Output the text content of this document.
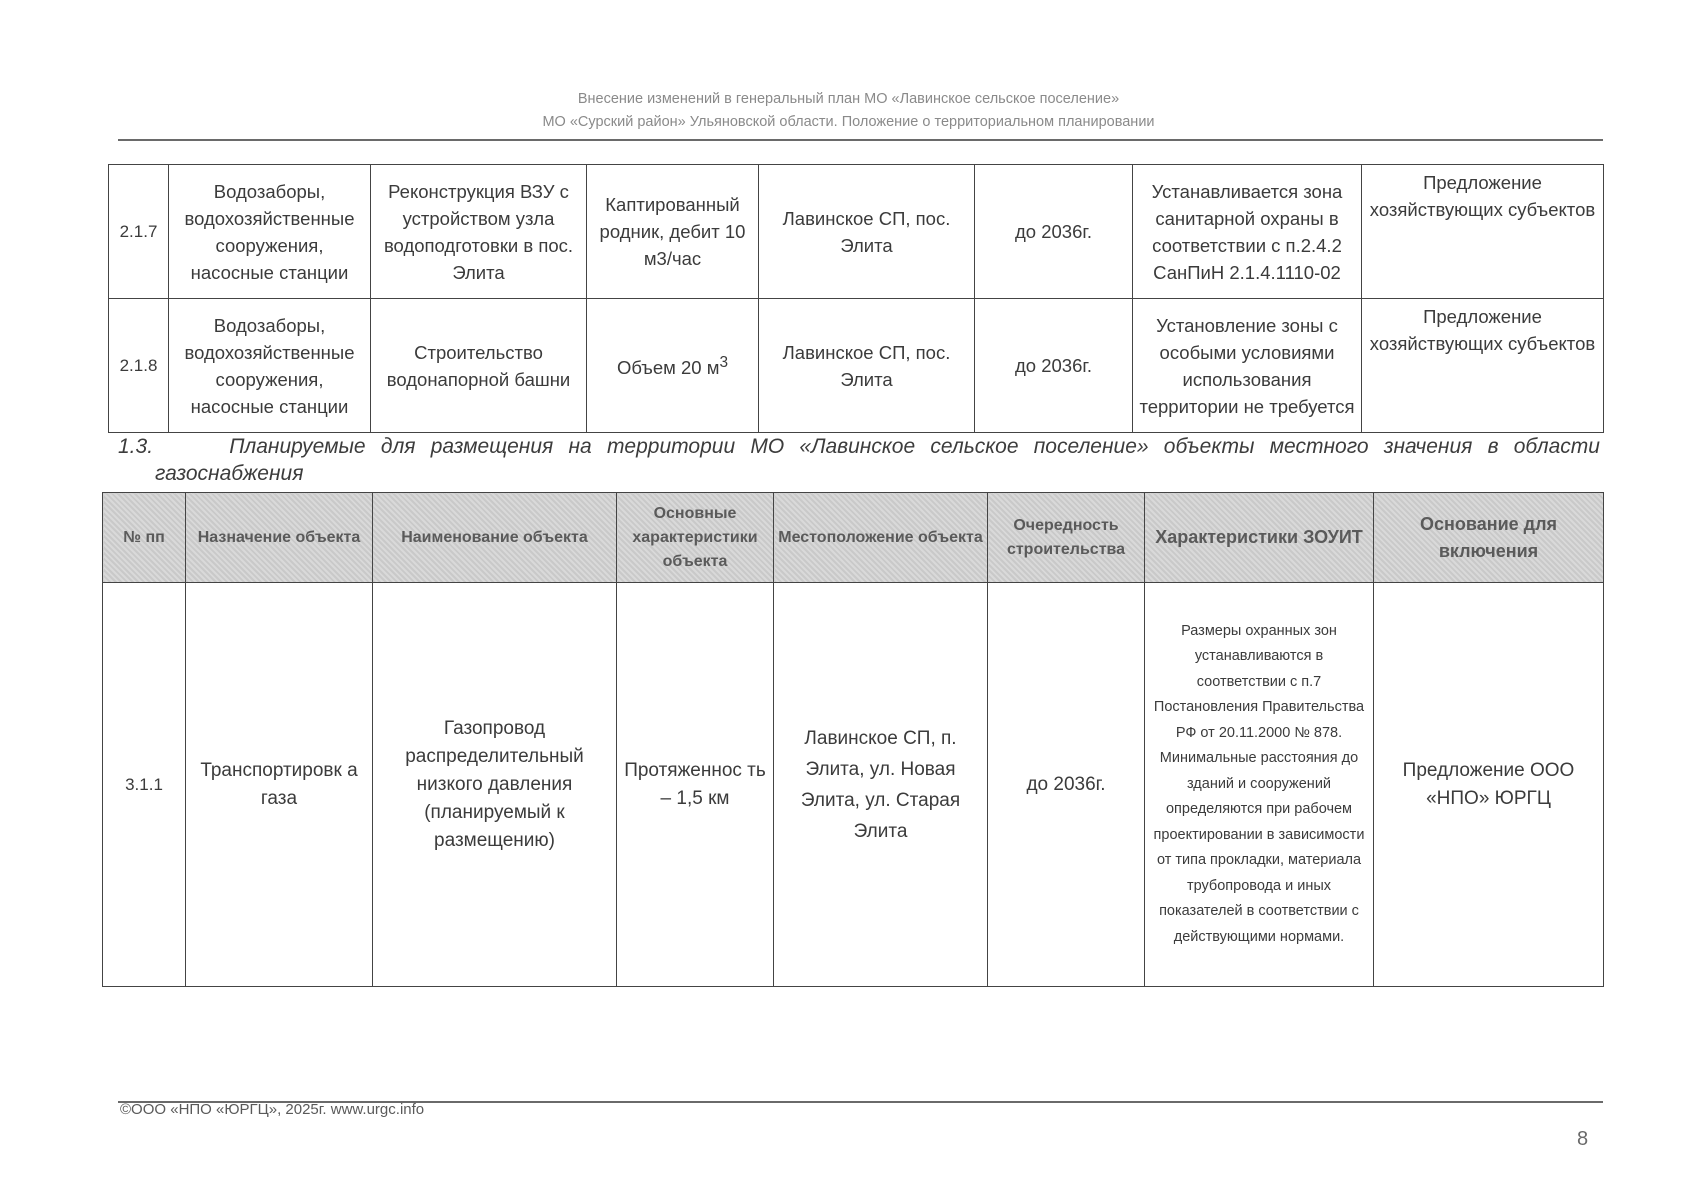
Внесение изменений в генеральный план МО «Лавинское сельское поселение»
МО «Сурский район» Ульяновской области. Положение о территориальном планировании
2.1.7	Водозаборы, водохозяйственные сооружения, насосные станции	Реконструкция ВЗУ с устройством узла водоподготовки в пос. Элита	Каптированный родник, дебит 10 м3/час	Лавинское СП, пос. Элита	до 2036г.	Устанавливается зона санитарной охраны в соответствии с п.2.4.2 СанПиН 2.1.4.1110-02	Предложение хозяйствующих субъектов
2.1.8	Водозаборы, водохозяйственные сооружения, насосные станции	Строительство водонапорной башни	Объем 20 $м^3$	Лавинское СП, пос. Элита	до 2036г.	Установление зоны с особыми условиями использования территории не требуется	Предложение хозяйствующих субъектов
1.3.	Планируемые для размещения на территории МО «Лавинское сельское поселение» объекты местного значения в области
газоснабжения
№ пп	Назначение объекта	Наименование объекта	Основные характеристики объекта	Местоположение объекта	Очередность строительства	Характеристики ЗОУИТ	Основание для включения
3.1.1	Транспортировк а газа	Газопровод распределительный низкого давления (планируемый к размещению)	Протяженнос ть – 1,5 км	Лавинское СП, п. Элита, ул. Новая Элита, ул. Старая Элита	до 2036г.	Размеры охранных зон устанавливаются в соответствии с п.7 Постановления Правительства РФ от 20.11.2000 № 878. Минимальные расстояния до зданий и сооружений определяются при рабочем проектировании в зависимости от типа прокладки, материала трубопровода и иных показателей в соответствии с действующими нормами.	Предложение ООО «НПО» ЮРГЦ
©ООО «НПО «ЮРГЦ», 2025г. www.urgc.info
8
